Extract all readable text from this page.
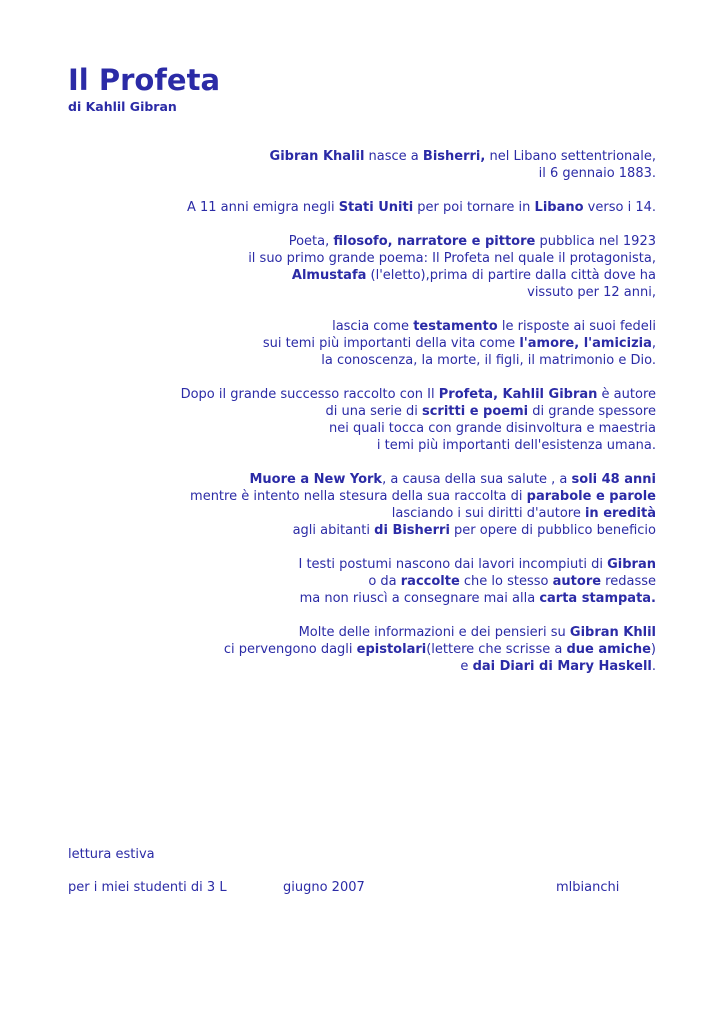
Il Profeta
di Kahlil Gibran
Gibran Khalil nasce a Bisherri, nel Libano settentrionale,
il 6 gennaio 1883.
A 11 anni emigra negli Stati Uniti per poi tornare in Libano verso i 14.
Poeta, filosofo, narratore e pittore pubblica nel 1923
il suo primo grande poema: Il Profeta nel quale il protagonista,
Almustafa (l'eletto),prima di partire dalla città dove ha
vissuto per 12 anni,
lascia come testamento le risposte ai suoi fedeli
sui temi più importanti della vita come l'amore, l'amicizia,
la conoscenza, la morte, il figli, il matrimonio e Dio.
Dopo il grande successo raccolto con Il Profeta, Kahlil Gibran è autore
di una serie di scritti e poemi di grande spessore
nei quali tocca con grande disinvoltura e maestria
i temi più importanti dell'esistenza umana.
Muore a New York, a causa della sua salute , a soli 48 anni
mentre è intento nella stesura della sua raccolta di parabole e parole
lasciando i sui diritti d'autore in eredità
agli abitanti di Bisherri per opere di pubblico beneficio
I testi postumi nascono dai lavori incompiuti di Gibran
o da raccolte che lo stesso autore redasse
ma non riuscì a consegnare mai alla carta stampata.
Molte delle informazioni e dei pensieri su Gibran Khlil
ci pervengono dagli epistolari(lettere che scrisse a due amiche)
e dai Diari di Mary Haskell.
lettura estiva
per i miei studenti di 3 L	giugno 2007	mlbianchi
